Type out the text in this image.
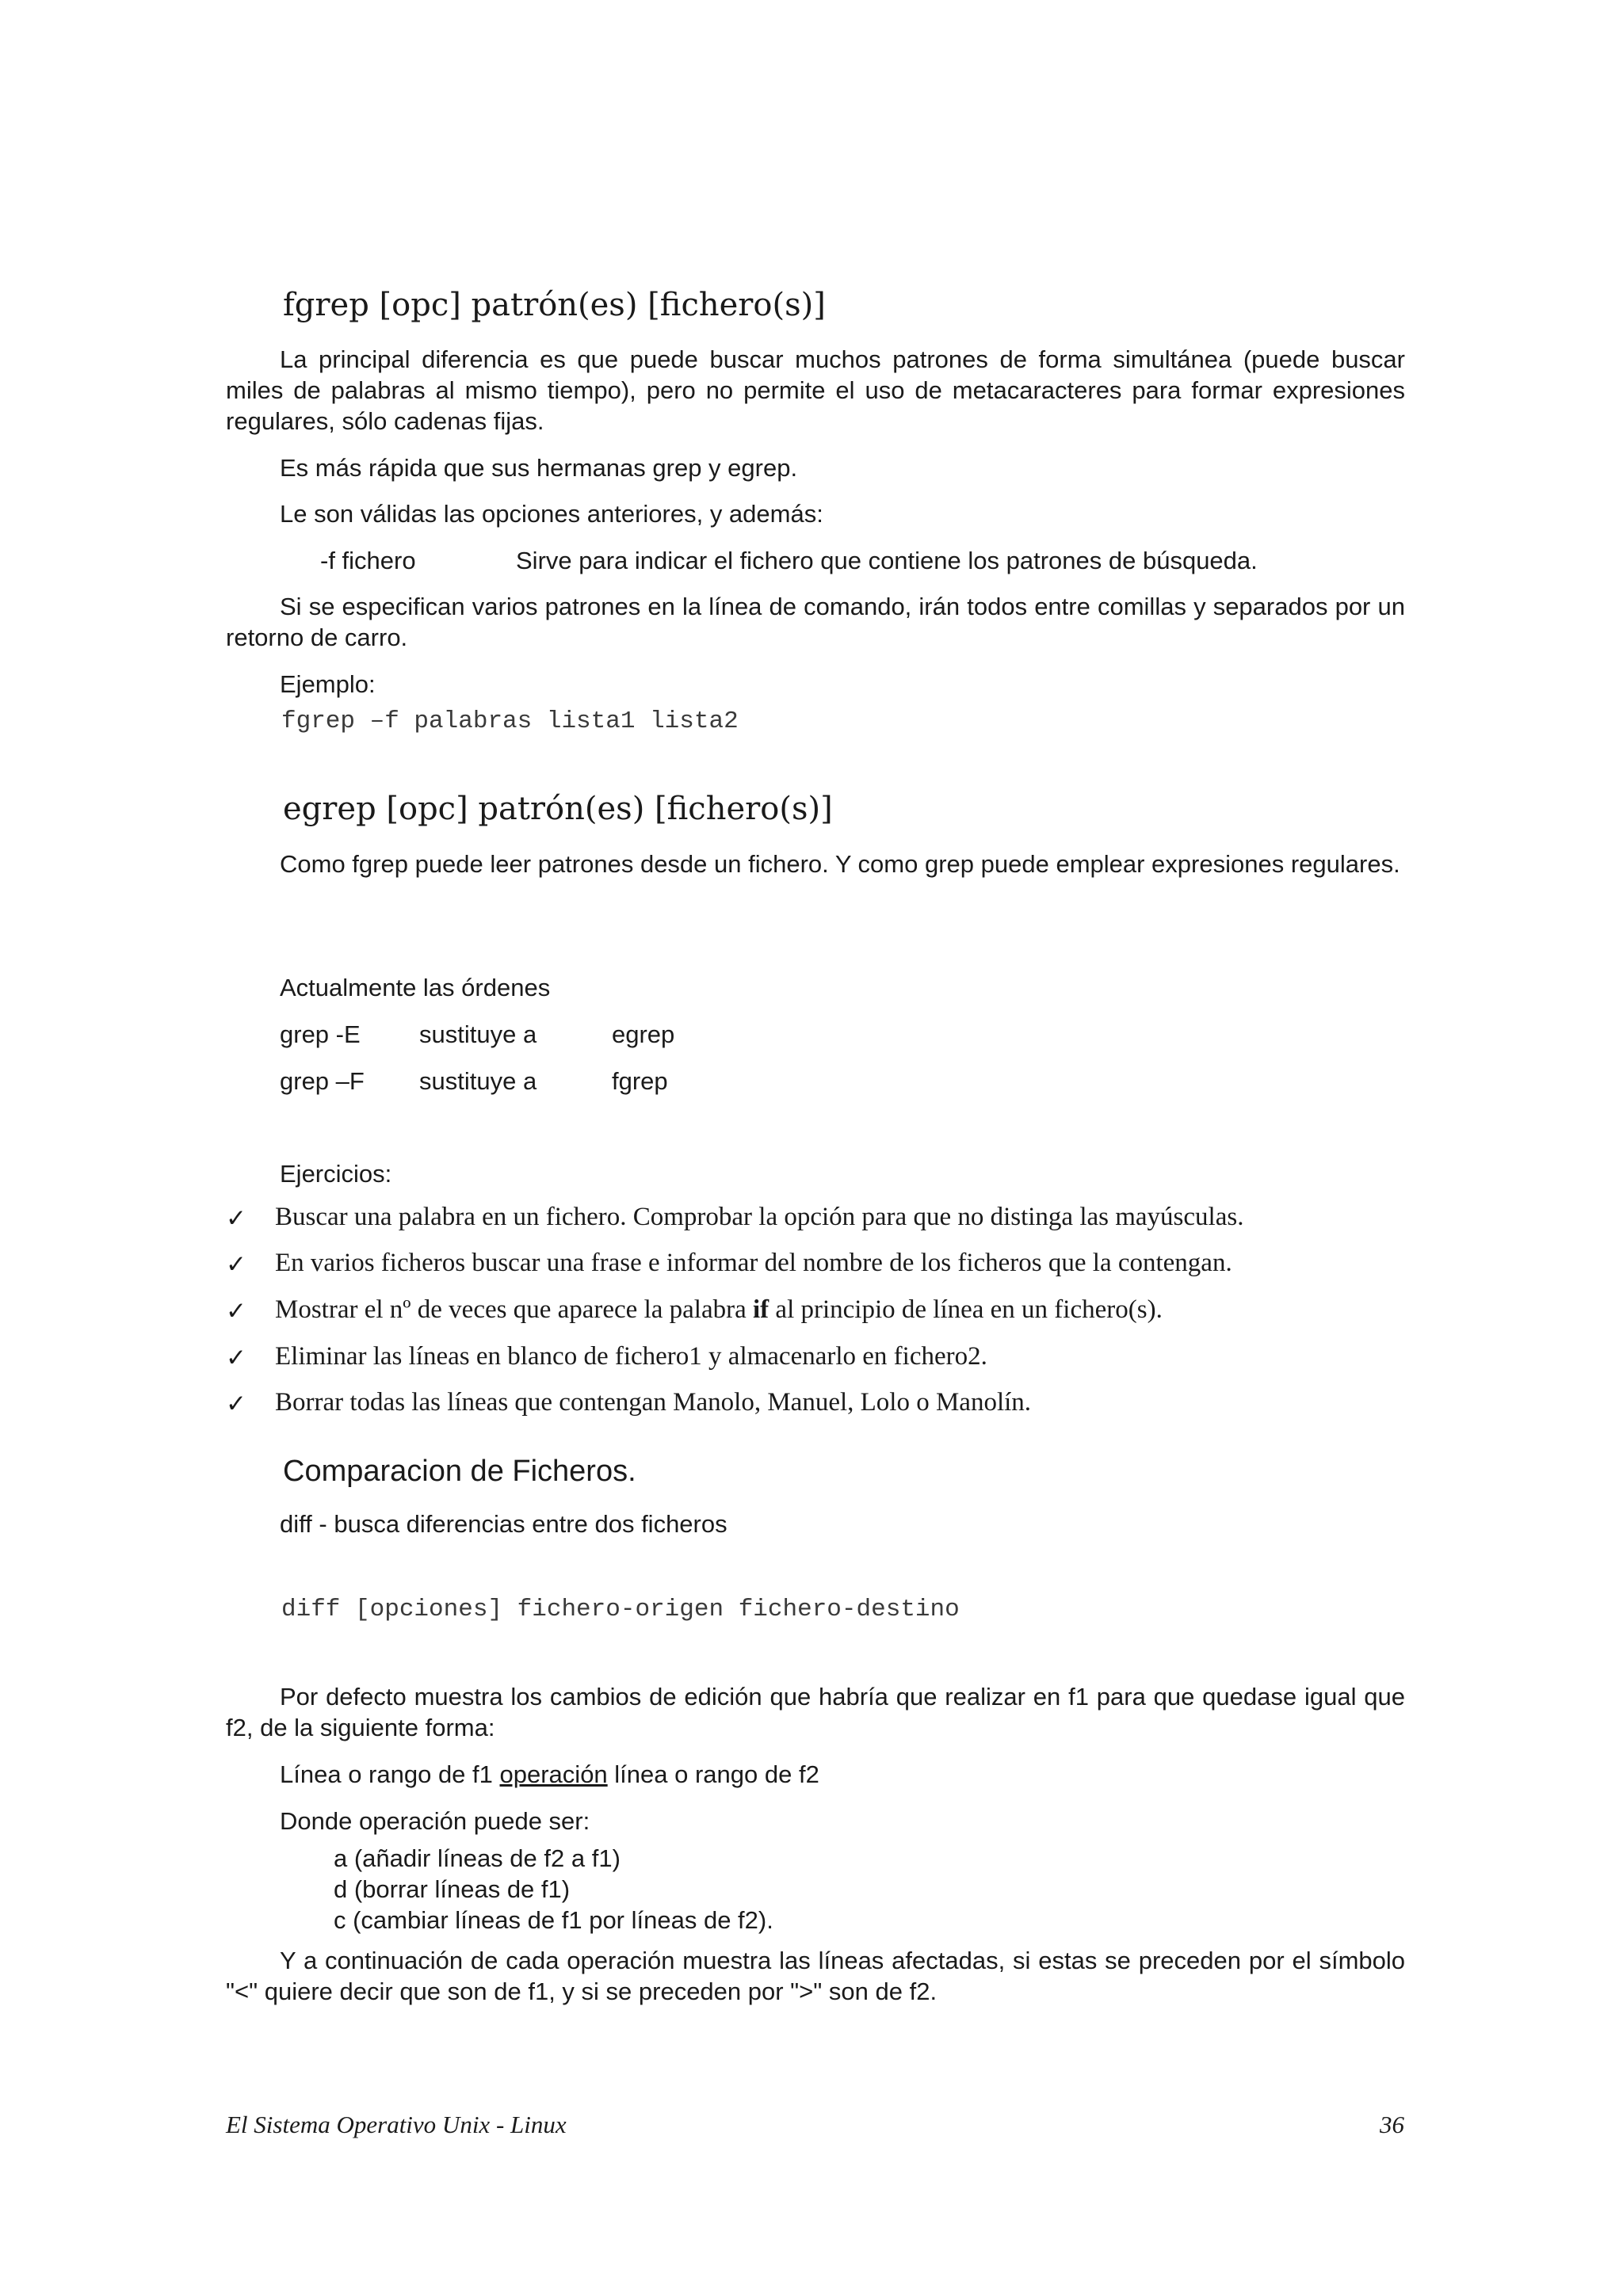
fgrep [opc] patrón(es) [fichero(s)]
La principal diferencia es que puede buscar muchos patrones de forma simultánea (puede buscar miles de palabras al mismo tiempo), pero no permite el uso de metacaracteres para formar expresiones regulares, sólo cadenas fijas.
Es más rápida que sus hermanas grep y egrep.
Le son válidas las opciones anteriores, y además:
-f fichero	Sirve para indicar el fichero que contiene los patrones de búsqueda.
Si se especifican varios patrones en la línea de comando, irán todos entre comillas y separados por un retorno de carro.
Ejemplo:
fgrep –f palabras lista1 lista2
egrep [opc] patrón(es) [fichero(s)]
Como fgrep puede leer patrones desde un fichero. Y como grep puede emplear expresiones regulares.
Actualmente las órdenes
grep -E sustituye a	egrep
grep –F sustituye a	fgrep
Ejercicios:
✓ Buscar una palabra en un fichero. Comprobar la opción para que no distinga las mayúsculas.
✓ En varios ficheros buscar una frase e informar del nombre de los ficheros que la contengan.
✓ Mostrar el nº de veces que aparece la palabra if al principio de línea en un fichero(s).
✓ Eliminar las líneas en blanco de fichero1 y almacenarlo en fichero2.
✓ Borrar todas las líneas que contengan Manolo, Manuel, Lolo o Manolín.
Comparacion de Ficheros.
diff - busca diferencias entre dos ficheros
diff [opciones] fichero-origen fichero-destino
Por defecto muestra los cambios de edición que habría que realizar en f1 para que quedase igual que f2, de la siguiente forma:
Línea o rango de f1 operación línea o rango de f2
Donde operación puede ser:
a (añadir líneas de f2 a f1)
d (borrar líneas de f1)
c (cambiar líneas de f1 por líneas de f2).
Y a continuación de cada operación muestra las líneas afectadas, si estas se preceden por el símbolo "<" quiere decir que son de f1, y si se preceden por ">" son de f2.
El Sistema Operativo Unix - Linux	36
